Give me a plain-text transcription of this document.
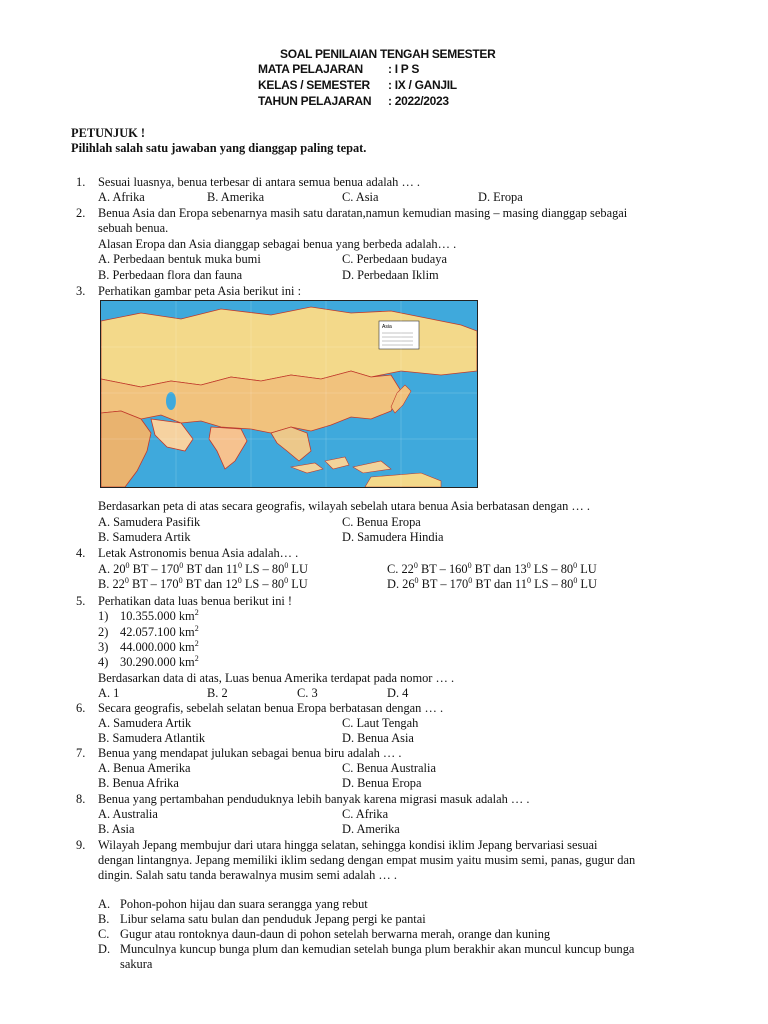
SOAL PENILAIAN TENGAH SEMESTER
MATA PELAJARAN : I P S
KELAS / SEMESTER : IX / GANJIL
TAHUN PELAJARAN : 2022/2023
PETUNJUK !
Pilihlah salah satu jawaban yang dianggap paling tepat.
1. Sesuai luasnya, benua terbesar di antara semua benua adalah … .
A. Afrika	B. Amerika	C. Asia	D. Eropa
2. Benua Asia dan Eropa sebenarnya masih satu daratan,namun kemudian masing – masing dianggap sebagai
sebuah benua.
Alasan Eropa dan Asia dianggap sebagai benua yang berbeda adalah… .
A. Perbedaan bentuk muka bumi	C. Perbedaan budaya
B. Perbedaan flora dan fauna	D. Perbedaan Iklim
3. Perhatikan gambar peta Asia berikut ini :
Asia
Berdasarkan peta di atas secara geografis, wilayah sebelah utara benua Asia berbatasan dengan … .
A. Samudera Pasifik	C. Benua Eropa
B. Samudera Artik	D. Samudera Hindia
4. Letak Astronomis benua Asia adalah… .
A. $20^0$ BT – $170^0$ BT dan $11^0$ LS – $80^0$ LU	C. $22^0$ BT – $160^0$ BT dan $13^0$ LS – $80^0$ LU
B. $22^0$ BT – $170^0$ BT dan $12^0$ LS – $80^0$ LU	D. $26^0$ BT – $170^0$ BT dan $11^0$ LS – $80^0$ LU
5. Perhatikan data luas benua berikut ini !
1) 10.355.000 $km^2$
2) 42.057.100 $km^2$
3) 44.000.000 $km^2$
4) 30.290.000 $km^2$
Berdasarkan data di atas, Luas benua Amerika terdapat pada nomor … .
A. 1	B. 2	C. 3	D. 4
6. Secara geografis, sebelah selatan benua Eropa berbatasan dengan … .
A. Samudera Artik	C. Laut Tengah
B. Samudera Atlantik	D. Benua Asia
7. Benua yang mendapat julukan sebagai benua biru adalah … .
A. Benua Amerika	C. Benua Australia
B. Benua Afrika	D. Benua Eropa
8. Benua yang pertambahan penduduknya lebih banyak karena migrasi masuk adalah … .
A. Australia	C. Afrika
B. Asia	D. Amerika
9. Wilayah Jepang membujur dari utara hingga selatan, sehingga kondisi iklim Jepang bervariasi sesuai
dengan lintangnya. Jepang memiliki iklim sedang dengan empat musim yaitu musim semi, panas, gugur dan
dingin. Salah satu tanda berawalnya musim semi adalah … .
A. Pohon-pohon hijau dan suara serangga yang rebut
B. Libur selama satu bulan dan penduduk Jepang pergi ke pantai
C. Gugur atau rontoknya daun-daun di pohon setelah berwarna merah, orange dan kuning
D. Munculnya kuncup bunga plum dan kemudian setelah bunga plum berakhir akan muncul kuncup bunga
sakura
